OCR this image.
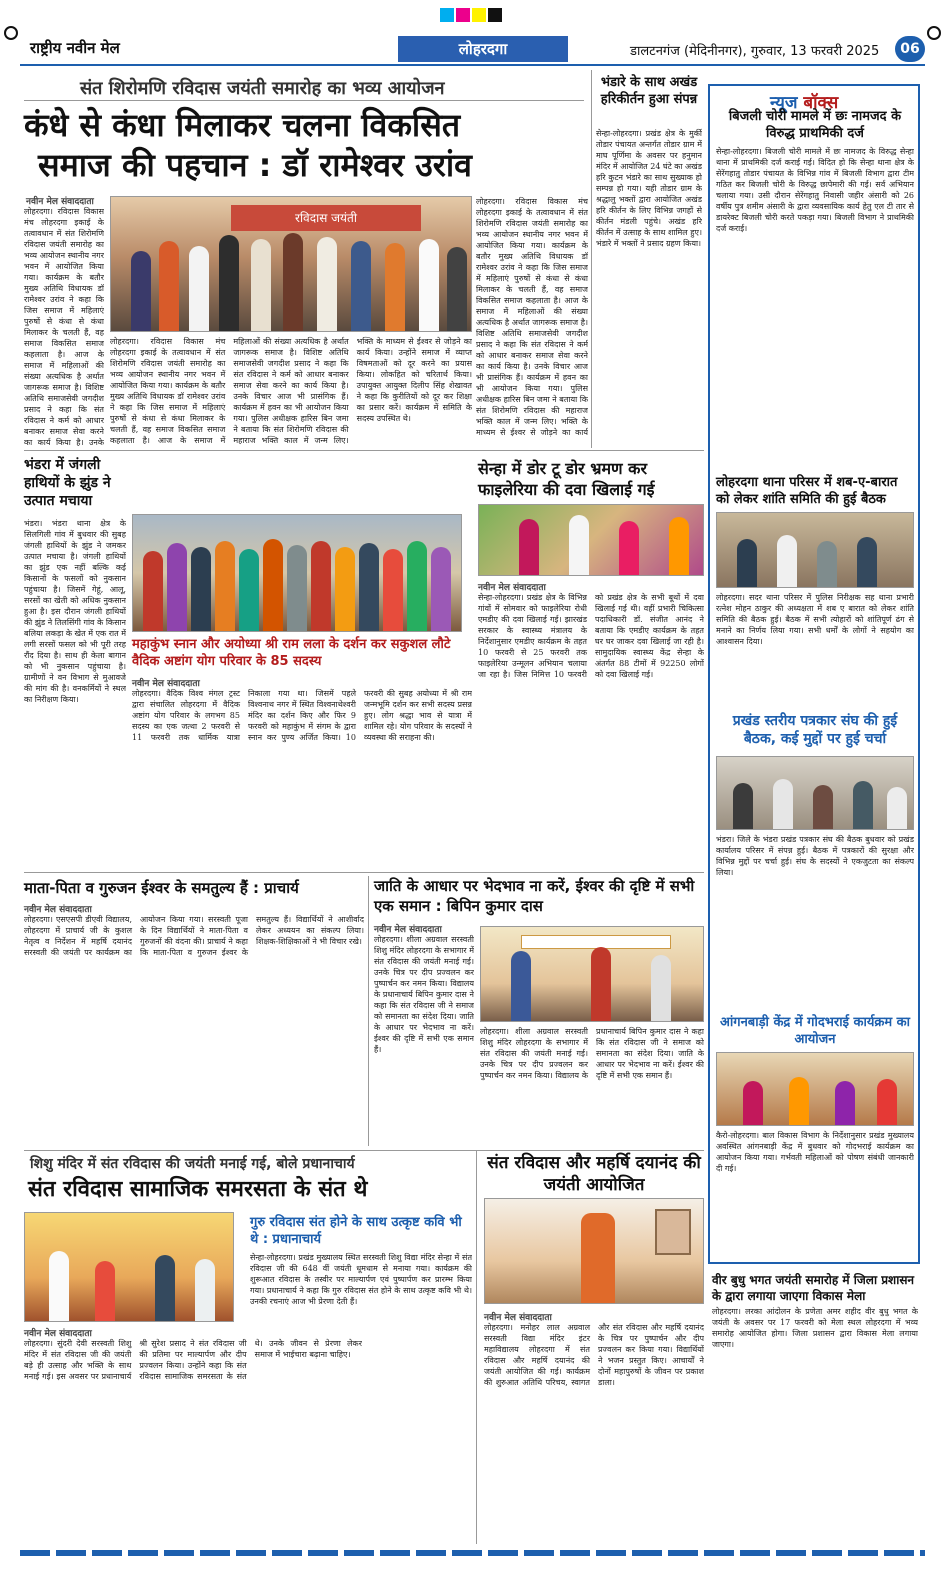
राष्ट्रीय नवीन मेल	लोहरदगा	डालटनगंज (मेदिनीनगर), गुरुवार, 13 फरवरी 2025	06
संत शिरोमणि रविदास जयंती समारोह का भव्य आयोजन
कंधे से कंधा मिलाकर चलना विकसित
समाज की पहचान : डॉ रामेश्वर उरांव
नवीन मेल संवाददाता
लोहरदगा। रविदास विकास मंच लोहरदगा इकाई के तत्वावधान में संत शिरोमणि रविदास जयंती समारोह का भव्य आयोजन स्थानीय नगर भवन में आयोजित किया गया। कार्यक्रम के बतौर मुख्य अतिथि विधायक डॉ रामेश्वर उरांव ने कहा कि जिस समाज में महिलाएं पुरुषों से कंधा से कंधा मिलाकर के चलती हैं, वह समाज विकसित समाज कहलाता है। आज के समाज में महिलाओं की संख्या अत्यधिक है अर्थात जागरूक समाज है। विशिष्ट अतिथि समाजसेवी जगदीश प्रसाद ने कहा कि संत रविदास ने कर्म को आधार बनाकर समाज सेवा करने का कार्य किया है। उनके
रविदास जयंती
लोहरदगा। रविदास विकास मंच लोहरदगा इकाई के तत्वावधान में संत शिरोमणि रविदास जयंती समारोह का भव्य आयोजन स्थानीय नगर भवन में आयोजित किया गया। कार्यक्रम के बतौर मुख्य अतिथि विधायक डॉ रामेश्वर उरांव ने कहा कि जिस समाज में महिलाएं पुरुषों से कंधा से कंधा मिलाकर के चलती हैं, वह समाज विकसित समाज कहलाता है। आज के समाज में महिलाओं की संख्या अत्यधिक है अर्थात जागरूक समाज है। विशिष्ट अतिथि समाजसेवी जगदीश प्रसाद ने कहा कि संत रविदास ने कर्म को आधार बनाकर समाज सेवा करने का कार्य किया है। उनके विचार आज भी प्रासंगिक हैं। कार्यक्रम में हवन का भी आयोजन किया गया। पुलिस अधीक्षक हारिस बिन जमा ने बताया कि संत शिरोमणि रविदास की महाराज भक्ति काल में जन्म लिए। भक्ति के माध्यम से ईश्वर से जोड़ने का कार्य किया। उन्होंने समाज में व्याप्त विषमताओं को दूर करने का प्रयास किया। लोकहित को चरितार्थ किया। उपायुक्त आयुक्त दिलीप सिंह शेखावत ने कहा कि कुरीतियों को दूर कर शिक्षा का प्रसार करें। कार्यक्रम में समिति के सदस्य उपस्थित थे।
लोहरदगा। रविदास विकास मंच लोहरदगा इकाई के तत्वावधान में संत शिरोमणि रविदास जयंती समारोह का भव्य आयोजन स्थानीय नगर भवन में आयोजित किया गया। कार्यक्रम के बतौर मुख्य अतिथि विधायक डॉ रामेश्वर उरांव ने कहा कि जिस समाज में महिलाएं पुरुषों से कंधा से कंधा मिलाकर के चलती हैं, वह समाज विकसित समाज कहलाता है। आज के समाज में महिलाओं की संख्या अत्यधिक है अर्थात जागरूक समाज है। विशिष्ट अतिथि समाजसेवी जगदीश प्रसाद ने कहा कि संत रविदास ने कर्म को आधार बनाकर समाज सेवा करने का कार्य किया है। उनके विचार आज भी प्रासंगिक हैं। कार्यक्रम में हवन का भी आयोजन किया गया। पुलिस अधीक्षक हारिस बिन जमा ने बताया कि संत शिरोमणि रविदास की महाराज भक्ति काल में जन्म लिए। भक्ति के माध्यम से ईश्वर से जोड़ने का कार्य
भंडारे के साथ अखंड हरिकीर्तन हुआ संपन्न
सेन्हा-लोहरदगा। प्रखंड क्षेत्र के मुर्की तोडार पंचायत अन्तर्गत तोडार ग्राम में माघ पूर्णिमा के अवसर पर हनुमान मंदिर में आयोजित 24 घंटे का अखंड हरि कुटन भंडारे का साथ सुख्याक हो सम्पन्न हो गया। यही तोडार ग्राम के श्रद्धालु भक्तों द्वारा आयोजित अखंड हरि कीर्तन के लिए विभिन्न जगहों से कीर्तन मंडली पहुंचे। अखंड हरि कीर्तन में उत्साह के साथ शामिल हुए। भंडारे में भक्तों ने प्रसाद ग्रहण किया।
भंडरा में जंगली हाथियों के झुंड ने उत्पात मचाया
भंडरा। भंडरा थाना क्षेत्र के सिलगिली गांव में बुधवार की सुबह जंगली हाथियों के झुंड ने जमकर उत्पात मचाया है। जंगली हाथियों का झुंड एक नहीं बल्कि कई किसानों के फसलों को नुकसान पहुंचाया है। जिसमें गेहूं, आलू, सरसों का खेती को अधिक नुकसान हुआ है। इस दौरान जंगली हाथियों की झुंड ने तिलसिंगी गांव के किसान बलिया लकड़ा के खेत में एक रात में लगी सरसों फसल को भी पूरी तरह रौंद दिया है। साथ ही केला बागान को भी नुकसान पहुंचाया है। ग्रामीणों ने वन विभाग से मुआवजे की मांग की है। वनकर्मियों ने स्थल का निरीक्षण किया।
महाकुंभ स्नान और अयोध्या श्री राम लला के दर्शन कर सकुशल लौटे वैदिक अष्टांग योग परिवार के 85 सदस्य
नवीन मेल संवाददाता
लोहरदगा। वैदिक विश्व मंगल ट्रस्ट द्वारा संचालित लोहरदगा में वैदिक अष्टांग योग परिवार के लगभग 85 सदस्य का एक जत्था 2 फरवरी से 11 फरवरी तक धार्मिक यात्रा निकाला गया था। जिसमें पहले विश्वनाथ नगर में स्थित विश्वनाथेश्वरी मंदिर का दर्शन किए और फिर 9 फरवरी को महाकुंभ में संगम के द्वारा स्नान कर पुण्य अर्जित किया। 10 फरवरी की सुबह अयोध्या में श्री राम जन्मभूमि दर्शन कर सभी सदस्य प्रसन्न हुए। लोग श्रद्धा भाव से यात्रा में शामिल रहे। योग परिवार के सदस्यों ने व्यवस्था की सराहना की।
सेन्हा में डोर टू डोर भ्रमण कर फाइलेरिया की दवा खिलाई गई
नवीन मेल संवाददाता
सेन्हा-लोहरदगा। प्रखंड क्षेत्र के विभिन्न गांवों में सोमवार को फाइलेरिया रोधी एमडीए की दवा खिलाई गई। झारखंड सरकार के स्वास्थ्य मंत्रालय के निर्देशानुसार एमडीए कार्यक्रम के तहत 10 फरवरी से 25 फरवरी तक फाइलेरिया उन्मूलन अभियान चलाया जा रहा है। जिस निमित्त 10 फरवरी को प्रखंड क्षेत्र के सभी बूथों में दवा खिलाई गई थी। वहीं प्रभारी चिकित्सा पदाधिकारी डॉ. संजीत आनंद ने बताया कि एमडीए कार्यक्रम के तहत घर घर जाकर दवा खिलाई जा रही है। सामुदायिक स्वास्थ्य केंद्र सेन्हा के अंतर्गत 88 टीमों में 92250 लोगों को दवा खिलाई गई।
माता-पिता व गुरुजन ईश्वर के समतुल्य हैं : प्राचार्य
नवीन मेल संवाददाता
लोहरदगा। एसएसपी डीएवी विद्यालय, लोहरदगा में प्राचार्य जी के कुशल नेतृत्व व निर्देशन में महर्षि दयानंद सरस्वती की जयंती पर कार्यक्रम का आयोजन किया गया। सरस्वती पूजा के दिन विद्यार्थियों ने माता-पिता व गुरुजनों की वंदना की। प्राचार्य ने कहा कि माता-पिता व गुरुजन ईश्वर के समतुल्य हैं। विद्यार्थियों ने आशीर्वाद लेकर अध्ययन का संकल्प लिया। शिक्षक-शिक्षिकाओं ने भी विचार रखे।
जाति के आधार पर भेदभाव ना करें, ईश्वर की दृष्टि में सभी एक समान : बिपिन कुमार दास
नवीन मेल संवाददाता
लोहरदगा। शीला अग्रवाल सरस्वती शिशु मंदिर लोहरदगा के सभागार में संत रविदास की जयंती मनाई गई। उनके चित्र पर दीप प्रज्वलन कर पुष्पार्चन कर नमन किया। विद्यालय के प्रधानाचार्य बिपिन कुमार दास ने कहा कि संत रविदास जी ने समाज को समानता का संदेश दिया। जाति के आधार पर भेदभाव ना करें। ईश्वर की दृष्टि में सभी एक समान हैं।
लोहरदगा। शीला अग्रवाल सरस्वती शिशु मंदिर लोहरदगा के सभागार में संत रविदास की जयंती मनाई गई। उनके चित्र पर दीप प्रज्वलन कर पुष्पार्चन कर नमन किया। विद्यालय के प्रधानाचार्य बिपिन कुमार दास ने कहा कि संत रविदास जी ने समाज को समानता का संदेश दिया। जाति के आधार पर भेदभाव ना करें। ईश्वर की दृष्टि में सभी एक समान हैं।
शिशु मंदिर में संत रविदास की जयंती मनाई गई, बोले प्रधानाचार्य
संत रविदास सामाजिक समरसता के संत थे
नवीन मेल संवाददाता
लोहरदगा। सुंदरी देवी सरस्वती शिशु मंदिर में संत रविदास जी की जयंती बड़े ही उत्साह और भक्ति के साथ मनाई गई। इस अवसर पर प्रधानाचार्य श्री सुरेश प्रसाद ने संत रविदास जी की प्रतिमा पर माल्यार्पण और दीप प्रज्वलन किया। उन्होंने कहा कि संत रविदास सामाजिक समरसता के संत थे। उनके जीवन से प्रेरणा लेकर समाज में भाईचारा बढ़ाना चाहिए।
गुरु रविदास संत होने के साथ उत्कृष्ट कवि भी थे : प्रधानाचार्य
सेन्हा-लोहरदगा। प्रखंड मुख्यालय स्थित सरस्वती शिशु विद्या मंदिर सेन्हा में संत रविदास जी की 648 वीं जयंती धूमधाम से मनाया गया। कार्यक्रम की शुरूआत रविदास के तस्वीर पर माल्यार्पण एवं पुष्पार्पण कर प्रारम्भ किया गया। प्रधानाचार्य ने कहा कि गुरु रविदास संत होने के साथ उत्कृष्ट कवि भी थे। उनकी रचनाएं आज भी प्रेरणा देती हैं।
संत रविदास और महर्षि दयानंद की जयंती आयोजित
नवीन मेल संवाददाता
लोहरदगा। मनोहर लाल अग्रवाल सरस्वती विद्या मंदिर इंटर महाविद्यालय लोहरदगा में संत रविदास और महर्षि दयानंद की जयंती आयोजित की गई। कार्यक्रम की शुरुआत अतिथि परिचय, स्वागत और संत रविदास और महर्षि दयानंद के चित्र पर पुष्पार्चन और दीप प्रज्वलन कर किया गया। विद्यार्थियों ने भजन प्रस्तुत किए। आचार्यों ने दोनों महापुरुषों के जीवन पर प्रकाश डाला।
न्यूज बॉक्स
बिजली चोरी मामले में छः नामजद के विरुद्ध प्राथमिकी दर्ज
सेन्हा-लोहरदगा। बिजली चोरी मामले में छः नामजद के विरुद्ध सेन्हा थाना में प्राथमिकी दर्ज कराई गई। विदित हो कि सेन्हा थाना क्षेत्र के सेरेंगहातु तोडार पंचायत के विभिन्न गांव में बिजली विभाग द्वारा टीम गठित कर बिजली चोरी के विरुद्ध छापेमारी की गई। सर्व अभियान चलाया गया। उसी दौरान सेरेंगहातु निवासी जहीर अंसारी को 26 वर्षीय पुत्र शमीम अंसारी के द्वारा व्यवसायिक कार्य हेतु एल टी तार से डायरेक्ट बिजली चोरी करते पकड़ा गया। बिजली विभाग ने प्राथमिकी दर्ज कराई।
लोहरदगा थाना परिसर में शब-ए-बारात को लेकर शांति समिति की हुई बैठक
लोहरदगा। सदर थाना परिसर में पुलिस निरीक्षक सह थाना प्रभारी रत्नेश मोहन ठाकुर की अध्यक्षता में शब ए बारात को लेकर शांति समिति की बैठक हुई। बैठक में सभी त्योहारों को शांतिपूर्ण ढंग से मनाने का निर्णय लिया गया। सभी धर्मों के लोगों ने सहयोग का आश्वासन दिया।
प्रखंड स्तरीय पत्रकार संघ की हुई बैठक, कई मुद्दों पर हुई चर्चा
भंडरा। जिले के भंडरा प्रखंड पत्रकार संघ की बैठक बुधवार को प्रखंड कार्यालय परिसर में संपन्न हुई। बैठक में पत्रकारों की सुरक्षा और विभिन्न मुद्दों पर चर्चा हुई। संघ के सदस्यों ने एकजुटता का संकल्प लिया।
आंगनबाड़ी केंद्र में गोदभराई कार्यक्रम का आयोजन
कैरो-लोहरदगा। बाल विकास विभाग के निर्देशानुसार प्रखंड मुख्यालय अवस्थित आंगनबाड़ी केंद्र में बुधवार को गोदभराई कार्यक्रम का आयोजन किया गया। गर्भवती महिलाओं को पोषण संबंधी जानकारी दी गई।
वीर बुधु भगत जयंती समारोह में जिला प्रशासन के द्वारा लगाया जाएगा विकास मेला
लोहरदगा। लरका आंदोलन के प्रणेता अमर शहीद वीर बुधु भगत के जयंती के अवसर पर 17 फरवरी को मेला स्थल लोहरदगा में भव्य समारोह आयोजित होगा। जिला प्रशासन द्वारा विकास मेला लगाया जाएगा।
